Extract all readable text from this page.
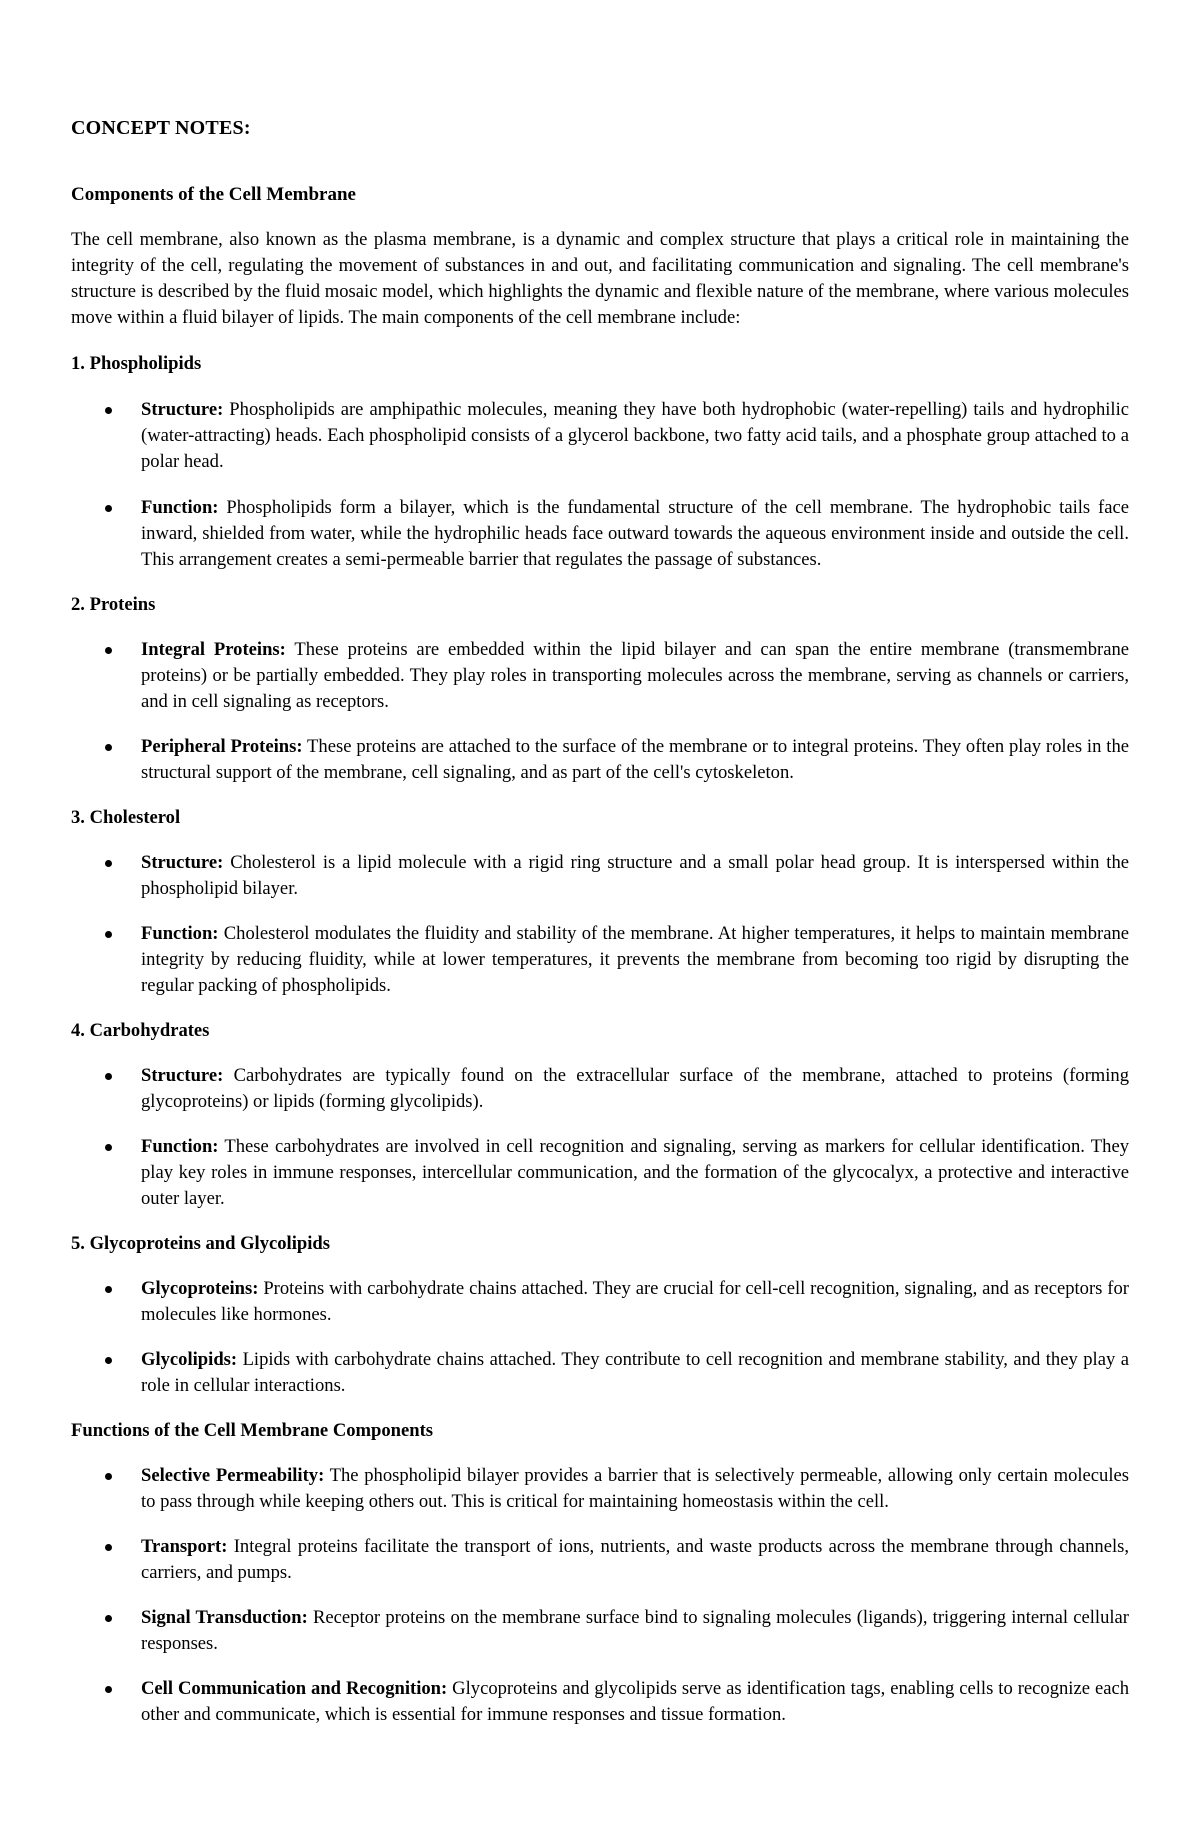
CONCEPT NOTES:

Components of the Cell Membrane

The cell membrane, also known as the plasma membrane, is a dynamic and complex structure that plays a critical role in maintaining the integrity of the cell, regulating the movement of substances in and out, and facilitating communication and signaling. The cell membrane's structure is described by the fluid mosaic model, which highlights the dynamic and flexible nature of the membrane, where various molecules move within a fluid bilayer of lipids. The main components of the cell membrane include:

1. Phospholipids

Structure: Phospholipids are amphipathic molecules, meaning they have both hydrophobic (water-repelling) tails and hydrophilic (water-attracting) heads. Each phospholipid consists of a glycerol backbone, two fatty acid tails, and a phosphate group attached to a polar head.
Function: Phospholipids form a bilayer, which is the fundamental structure of the cell membrane. The hydrophobic tails face inward, shielded from water, while the hydrophilic heads face outward towards the aqueous environment inside and outside the cell. This arrangement creates a semi-permeable barrier that regulates the passage of substances.

2. Proteins

Integral Proteins: These proteins are embedded within the lipid bilayer and can span the entire membrane (transmembrane proteins) or be partially embedded. They play roles in transporting molecules across the membrane, serving as channels or carriers, and in cell signaling as receptors.
Peripheral Proteins: These proteins are attached to the surface of the membrane or to integral proteins. They often play roles in the structural support of the membrane, cell signaling, and as part of the cell's cytoskeleton.

3. Cholesterol

Structure: Cholesterol is a lipid molecule with a rigid ring structure and a small polar head group. It is interspersed within the phospholipid bilayer.
Function: Cholesterol modulates the fluidity and stability of the membrane. At higher temperatures, it helps to maintain membrane integrity by reducing fluidity, while at lower temperatures, it prevents the membrane from becoming too rigid by disrupting the regular packing of phospholipids.

4. Carbohydrates

Structure: Carbohydrates are typically found on the extracellular surface of the membrane, attached to proteins (forming glycoproteins) or lipids (forming glycolipids).
Function: These carbohydrates are involved in cell recognition and signaling, serving as markers for cellular identification. They play key roles in immune responses, intercellular communication, and the formation of the glycocalyx, a protective and interactive outer layer.

5. Glycoproteins and Glycolipids

Glycoproteins: Proteins with carbohydrate chains attached. They are crucial for cell-cell recognition, signaling, and as receptors for molecules like hormones.
Glycolipids: Lipids with carbohydrate chains attached. They contribute to cell recognition and membrane stability, and they play a role in cellular interactions.

Functions of the Cell Membrane Components

Selective Permeability: The phospholipid bilayer provides a barrier that is selectively permeable, allowing only certain molecules to pass through while keeping others out. This is critical for maintaining homeostasis within the cell.
Transport: Integral proteins facilitate the transport of ions, nutrients, and waste products across the membrane through channels, carriers, and pumps.
Signal Transduction: Receptor proteins on the membrane surface bind to signaling molecules (ligands), triggering internal cellular responses.
Cell Communication and Recognition: Glycoproteins and glycolipids serve as identification tags, enabling cells to recognize each other and communicate, which is essential for immune responses and tissue formation.
